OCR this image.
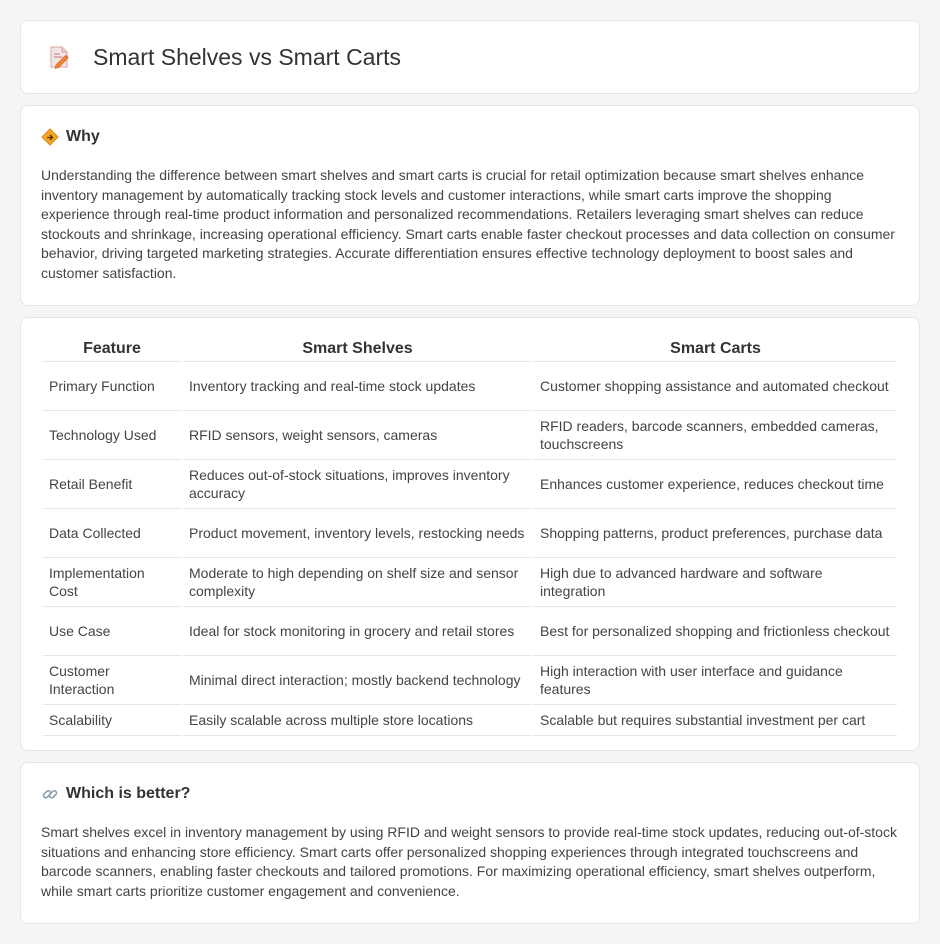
Smart Shelves vs Smart Carts
Why

Understanding the difference between smart shelves and smart carts is crucial for retail optimization because smart shelves enhance inventory management by automatically tracking stock levels and customer interactions, while smart carts improve the shopping experience through real-time product information and personalized recommendations. Retailers leveraging smart shelves can reduce stockouts and shrinkage, increasing operational efficiency. Smart carts enable faster checkout processes and data collection on consumer behavior, driving targeted marketing strategies. Accurate differentiation ensures effective technology deployment to boost sales and customer satisfaction.

Feature	Smart Shelves	Smart Carts
Primary Function	Inventory tracking and real-time stock updates	Customer shopping assistance and automated checkout
Technology Used	RFID sensors, weight sensors, cameras	RFID readers, barcode scanners, embedded cameras, touchscreens
Retail Benefit	Reduces out-of-stock situations, improves inventory accuracy	Enhances customer experience, reduces checkout time
Data Collected	Product movement, inventory levels, restocking needs	Shopping patterns, product preferences, purchase data
Implementation Cost	Moderate to high depending on shelf size and sensor complexity	High due to advanced hardware and software integration
Use Case	Ideal for stock monitoring in grocery and retail stores	Best for personalized shopping and frictionless checkout
Customer Interaction	Minimal direct interaction; mostly backend technology	High interaction with user interface and guidance features
Scalability	Easily scalable across multiple store locations	Scalable but requires substantial investment per cart
Which is better?

Smart shelves excel in inventory management by using RFID and weight sensors to provide real-time stock updates, reducing out-of-stock situations and enhancing store efficiency. Smart carts offer personalized shopping experiences through integrated touchscreens and barcode scanners, enabling faster checkouts and tailored promotions. For maximizing operational efficiency, smart shelves outperform, while smart carts prioritize customer engagement and convenience.
